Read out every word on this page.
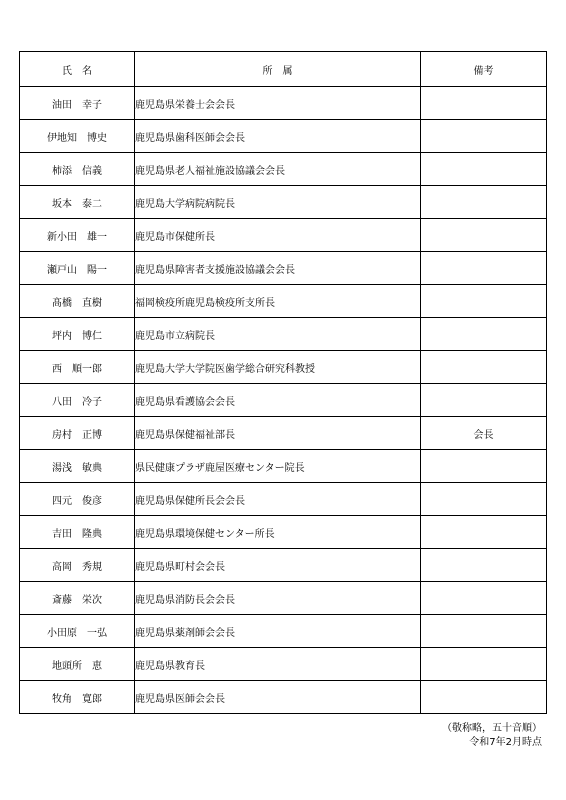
氏　名	所　属	備考
油田　幸子	鹿児島県栄養士会会長	
伊地知　博史	鹿児島県歯科医師会会長	
柿添　信義	鹿児島県老人福祉施設協議会会長	
坂本　泰二	鹿児島大学病院病院長	
新小田　雄一	鹿児島市保健所長	
瀬戸山　陽一	鹿児島県障害者支援施設協議会会長	
髙橋　直樹	福岡検疫所鹿児島検疫所支所長	
坪内　博仁	鹿児島市立病院長	
西　順一郎	鹿児島大学大学院医歯学総合研究科教授	
八田　冷子	鹿児島県看護協会会長	
房村　正博	鹿児島県保健福祉部長	会長
湯浅　敏典	県民健康プラザ鹿屋医療センター院長	
四元　俊彦	鹿児島県保健所長会会長	
吉田　隆典	鹿児島県環境保健センター所長	
高岡　秀規	鹿児島県町村会会長	
斎藤　栄次	鹿児島県消防長会会長	
小田原　一弘	鹿児島県薬剤師会会長	
地頭所　恵	鹿児島県教育長	
牧角　寛郎	鹿児島県医師会会長	
（敬称略，五十音順）
令和7年2月時点
